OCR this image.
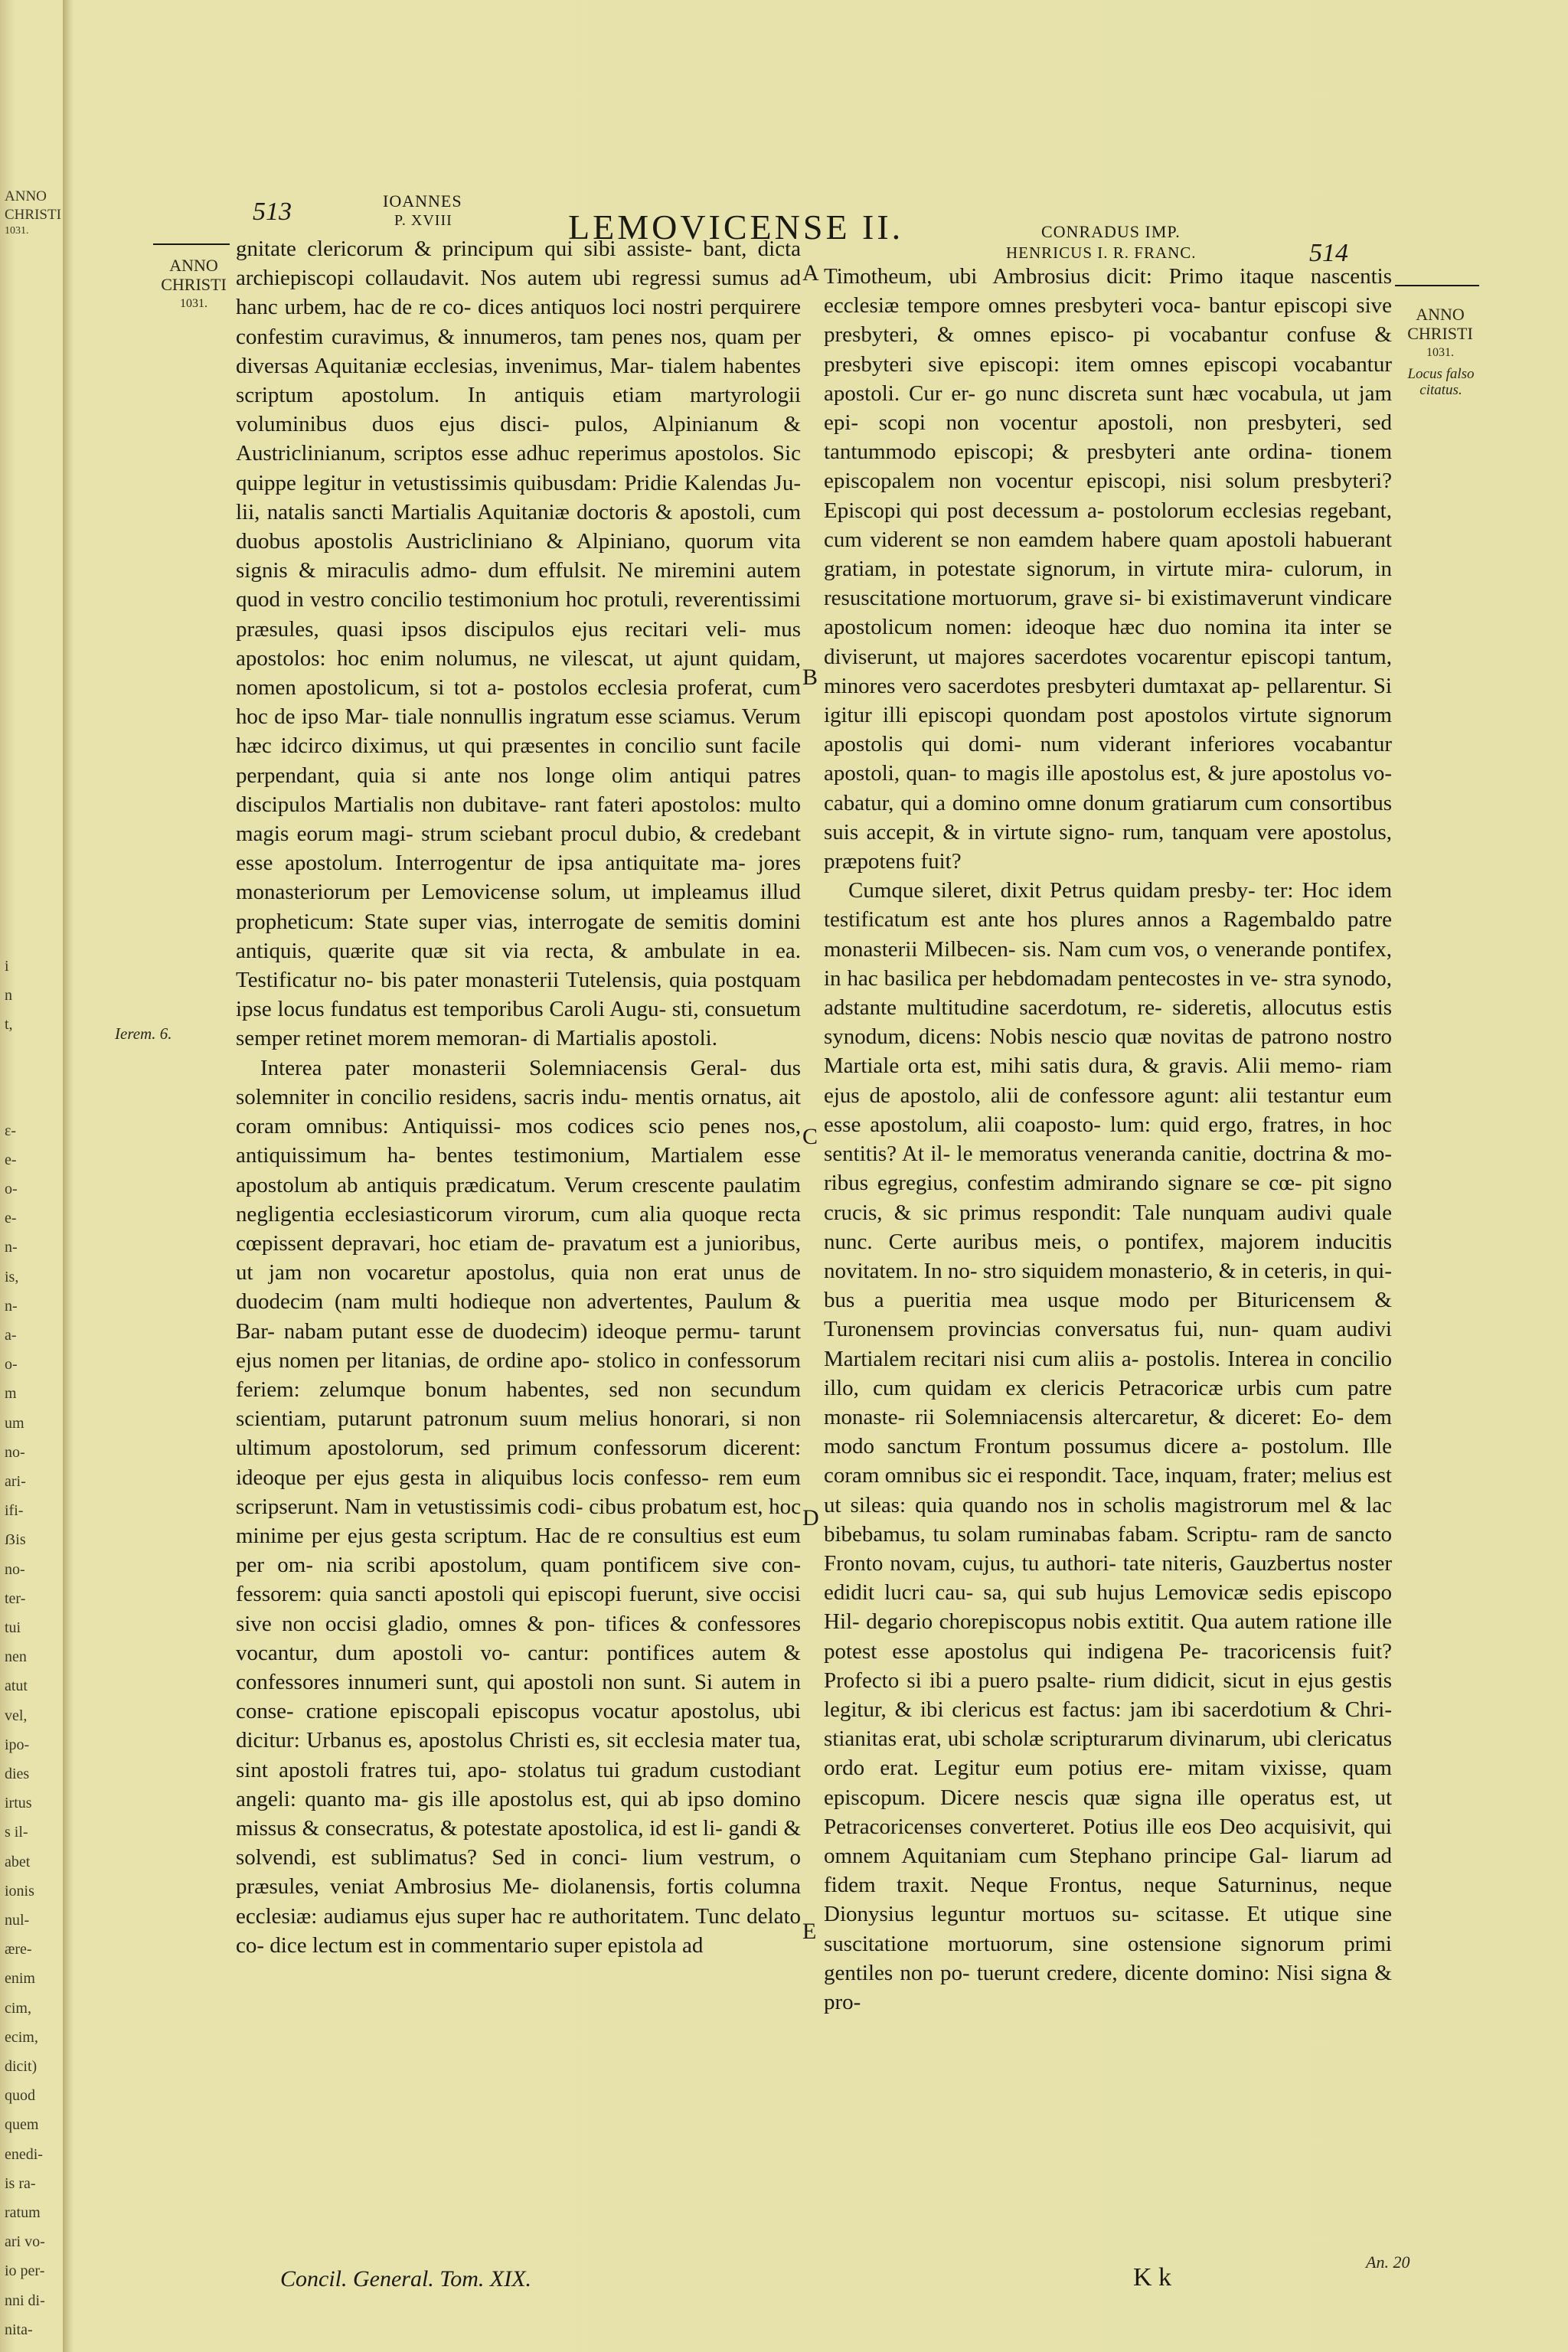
ANNO
CHRISTI
1031.
i
n
t,
ε-
e-
o-
e-
n-
is,
n-
a-
o-
m
um
no-
ari-
ifi-
ẞis
no-
ter-
tui
nen
atut
vel,
ipo-
dies
irtus
s il-
abet
ionis
nul-
ære-
enim
cim,
ecim,
dicit)
quod
quem
enedi-
is ra-
ratum
ari vo-
io per-
nni di-
nita-
513	IOANNES
P. XVIII	LEMOVICENSE II.	CONRADUS IMP.
HENRICUS I. R. FRANC.	514
ANNO
CHRISTI
1031.
ANNO
CHRISTI
1031.
Locus falso
citatus.
Ierem. 6.
A
B
C
D
E

gnitate clericorum & principum qui sibi assiste- bant, dicta archiepiscopi collaudavit. Nos autem ubi regressi sumus ad hanc urbem, hac de re co- dices antiquos loci nostri perquirere confestim curavimus, & innumeros, tam penes nos, quam per diversas Aquitaniæ ecclesias, invenimus, Mar- tialem habentes scriptum apostolum. In antiquis etiam martyrologii voluminibus duos ejus disci- pulos, Alpinianum & Austriclinianum, scriptos esse adhuc reperimus apostolos. Sic quippe legitur in vetustissimis quibusdam: Pridie Kalendas Ju- lii, natalis sancti Martialis Aquitaniæ doctoris & apostoli, cum duobus apostolis Austricliniano & Alpiniano, quorum vita signis & miraculis admo- dum effulsit. Ne miremini autem quod in vestro concilio testimonium hoc protuli, reverentissimi præsules, quasi ipsos discipulos ejus recitari veli- mus apostolos: hoc enim nolumus, ne vilescat, ut ajunt quidam, nomen apostolicum, si tot a- postolos ecclesia proferat, cum hoc de ipso Mar- tiale nonnullis ingratum esse sciamus. Verum hæc idcirco diximus, ut qui præsentes in concilio sunt facile perpendant, quia si ante nos longe olim antiqui patres discipulos Martialis non dubitave- rant fateri apostolos: multo magis eorum magi- strum sciebant procul dubio, & credebant esse apostolum. Interrogentur de ipsa antiquitate ma- jores monasteriorum per Lemovicense solum, ut impleamus illud propheticum: State super vias, interrogate de semitis domini antiquis, quærite quæ sit via recta, & ambulate in ea. Testificatur no- bis pater monasterii Tutelensis, quia postquam ipse locus fundatus est temporibus Caroli Augu- sti, consuetum semper retinet morem memoran- di Martialis apostoli.

Interea pater monasterii Solemniacensis Geral- dus solemniter in concilio residens, sacris indu- mentis ornatus, ait coram omnibus: Antiquissi- mos codices scio penes nos, antiquissimum ha- bentes testimonium, Martialem esse apostolum ab antiquis prædicatum. Verum crescente paulatim negligentia ecclesiasticorum virorum, cum alia quoque recta cœpissent depravari, hoc etiam de- pravatum est a junioribus, ut jam non vocaretur apostolus, quia non erat unus de duodecim (nam multi hodieque non advertentes, Paulum & Bar- nabam putant esse de duodecim) ideoque permu- tarunt ejus nomen per litanias, de ordine apo- stolico in confessorum feriem: zelumque bonum habentes, sed non secundum scientiam, putarunt patronum suum melius honorari, si non ultimum apostolorum, sed primum confessorum dicerent: ideoque per ejus gesta in aliquibus locis confesso- rem eum scripserunt. Nam in vetustissimis codi- cibus probatum est, hoc minime per ejus gesta scriptum. Hac de re consultius est eum per om- nia scribi apostolum, quam pontificem sive con- fessorem: quia sancti apostoli qui episcopi fuerunt, sive occisi sive non occisi gladio, omnes & pon- tifices & confessores vocantur, dum apostoli vo- cantur: pontifices autem & confessores innumeri sunt, qui apostoli non sunt. Si autem in conse- cratione episcopali episcopus vocatur apostolus, ubi dicitur: Urbanus es, apostolus Christi es, sit ecclesia mater tua, sint apostoli fratres tui, apo- stolatus tui gradum custodiant angeli: quanto ma- gis ille apostolus est, qui ab ipso domino missus & consecratus, & potestate apostolica, id est li- gandi & solvendi, est sublimatus? Sed in conci- lium vestrum, o præsules, veniat Ambrosius Me- diolanensis, fortis columna ecclesiæ: audiamus ejus super hac re authoritatem. Tunc delato co- dice lectum est in commentario super epistola ad

Timotheum, ubi Ambrosius dicit: Primo itaque nascentis ecclesiæ tempore omnes presbyteri voca- bantur episcopi sive presbyteri, & omnes episco- pi vocabantur confuse & presbyteri sive episcopi: item omnes episcopi vocabantur apostoli. Cur er- go nunc discreta sunt hæc vocabula, ut jam epi- scopi non vocentur apostoli, non presbyteri, sed tantummodo episcopi; & presbyteri ante ordina- tionem episcopalem non vocentur episcopi, nisi solum presbyteri? Episcopi qui post decessum a- postolorum ecclesias regebant, cum viderent se non eamdem habere quam apostoli habuerant gratiam, in potestate signorum, in virtute mira- culorum, in resuscitatione mortuorum, grave si- bi existimaverunt vindicare apostolicum nomen: ideoque hæc duo nomina ita inter se diviserunt, ut majores sacerdotes vocarentur episcopi tantum, minores vero sacerdotes presbyteri dumtaxat ap- pellarentur. Si igitur illi episcopi quondam post apostolos virtute signorum apostolis qui domi- num viderant inferiores vocabantur apostoli, quan- to magis ille apostolus est, & jure apostolus vo- cabatur, qui a domino omne donum gratiarum cum consortibus suis accepit, & in virtute signo- rum, tanquam vere apostolus, præpotens fuit?

Cumque sileret, dixit Petrus quidam presby- ter: Hoc idem testificatum est ante hos plures annos a Ragembaldo patre monasterii Milbecen- sis. Nam cum vos, o venerande pontifex, in hac basilica per hebdomadam pentecostes in ve- stra synodo, adstante multitudine sacerdotum, re- sideretis, allocutus estis synodum, dicens: Nobis nescio quæ novitas de patrono nostro Martiale orta est, mihi satis dura, & gravis. Alii memo- riam ejus de apostolo, alii de confessore agunt: alii testantur eum esse apostolum, alii coaposto- lum: quid ergo, fratres, in hoc sentitis? At il- le memoratus veneranda canitie, doctrina & mo- ribus egregius, confestim admirando signare se cœ- pit signo crucis, & sic primus respondit: Tale nunquam audivi quale nunc. Certe auribus meis, o pontifex, majorem inducitis novitatem. In no- stro siquidem monasterio, & in ceteris, in qui- bus a pueritia mea usque modo per Bituricensem & Turonensem provincias conversatus fui, nun- quam audivi Martialem recitari nisi cum aliis a- postolis. Interea in concilio illo, cum quidam ex clericis Petracoricæ urbis cum patre monaste- rii Solemniacensis altercaretur, & diceret: Eo- dem modo sanctum Frontum possumus dicere a- postolum. Ille coram omnibus sic ei respondit. Tace, inquam, frater; melius est ut sileas: quia quando nos in scholis magistrorum mel & lac bibebamus, tu solam ruminabas fabam. Scriptu- ram de sancto Fronto novam, cujus, tu authori- tate niteris, Gauzbertus noster edidit lucri cau- sa, qui sub hujus Lemovicæ sedis episcopo Hil- degario chorepiscopus nobis extitit. Qua autem ratione ille potest esse apostolus qui indigena Pe- tracoricensis fuit? Profecto si ibi a puero psalte- rium didicit, sicut in ejus gestis legitur, & ibi clericus est factus: jam ibi sacerdotium & Chri- stianitas erat, ubi scholæ scripturarum divinarum, ubi clericatus ordo erat. Legitur eum potius ere- mitam vixisse, quam episcopum. Dicere nescis quæ signa ille operatus est, ut Petracoricenses converteret. Potius ille eos Deo acquisivit, qui omnem Aquitaniam cum Stephano principe Gal- liarum ad fidem traxit. Neque Frontus, neque Saturninus, neque Dionysius leguntur mortuos su- scitasse. Et utique sine suscitatione mortuorum, sine ostensione signorum primi gentiles non po- tuerunt credere, dicente domino: Nisi signa & pro-

An. 20
Concil. General. Tom. XIX.	K k
